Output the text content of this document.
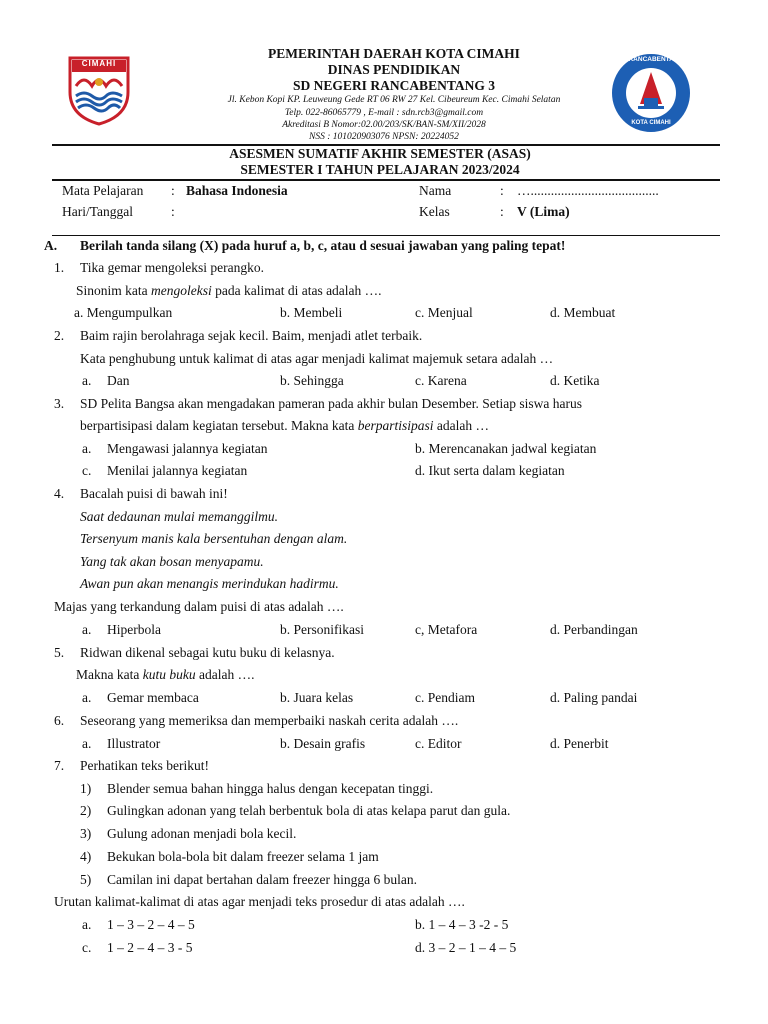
CIMAHI	SDN RANCABENTANG 3
KOTA CIMAHI
PEMERINTAH DAERAH KOTA CIMAHI
DINAS PENDIDIKAN
SD NEGERI RANCABENTANG 3
Jl. Kebon Kopi KP. Leuweung Gede RT 06 RW 27 Kel. Cibeureum Kec. Cimahi Selatan
Telp. 022-86065779 , E-mail : sdn.rcb3@gmail.com
Akreditasi B Nomor:02.00/203/SK/BAN-SM/XII/2028
NSS : 101020903076 NPSN: 20224052
ASESMEN SUMATIF AKHIR SEMESTER (ASAS)
SEMESTER I TAHUN PELAJARAN 2023/2024
Mata Pelajaran : Bahasa Indonesia	Nama	: …......................................
Hari/Tanggal	:	Kelas	: V (Lima)
A. Berilah tanda silang (X) pada huruf a, b, c, atau d sesuai jawaban yang paling tepat!
1. Tika gemar mengoleksi perangko.
Sinonim kata mengoleksi pada kalimat di atas adalah ….
a. Mengumpulkan	b. Membeli	c. Menjual	d. Membuat
2. Baim rajin berolahraga sejak kecil. Baim, menjadi atlet terbaik.
Kata penghubung untuk kalimat di atas agar menjadi kalimat majemuk setara adalah …
a. Dan	b. Sehingga	c. Karena	d. Ketika
3. SD Pelita Bangsa akan mengadakan pameran pada akhir bulan Desember. Setiap siswa harus
berpartisipasi dalam kegiatan tersebut. Makna kata berpartisipasi adalah …
a. Mengawasi jalannya kegiatan	b. Merencanakan jadwal kegiatan
c. Menilai jalannya kegiatan	d. Ikut serta dalam kegiatan
4. Bacalah puisi di bawah ini!
Saat dedaunan mulai memanggilmu.
Tersenyum manis kala bersentuhan dengan alam.
Yang tak akan bosan menyapamu.
Awan pun akan menangis merindukan hadirmu.
Majas yang terkandung dalam puisi di atas adalah ….
a. Hiperbola	b. Personifikasi	c, Metafora	d. Perbandingan
5. Ridwan dikenal sebagai kutu buku di kelasnya.
Makna kata kutu buku adalah ….
a. Gemar membaca	b. Juara kelas	c. Pendiam	d. Paling pandai
6. Seseorang yang memeriksa dan memperbaiki naskah cerita adalah ….
a. Illustrator	b. Desain grafis	c. Editor	d. Penerbit
7. Perhatikan teks berikut!
1) Blender semua bahan hingga halus dengan kecepatan tinggi.
2) Gulingkan adonan yang telah berbentuk bola di atas kelapa parut dan gula.
3) Gulung adonan menjadi bola kecil.
4) Bekukan bola-bola bit dalam freezer selama 1 jam
5) Camilan ini dapat bertahan dalam freezer hingga 6 bulan.
Urutan kalimat-kalimat di atas agar menjadi teks prosedur di atas adalah ….
a. 1 – 3 – 2 – 4 – 5	b. 1 – 4 – 3 -2 - 5
c. 1 – 2 – 4 – 3 - 5	d. 3 – 2 – 1 – 4 – 5
